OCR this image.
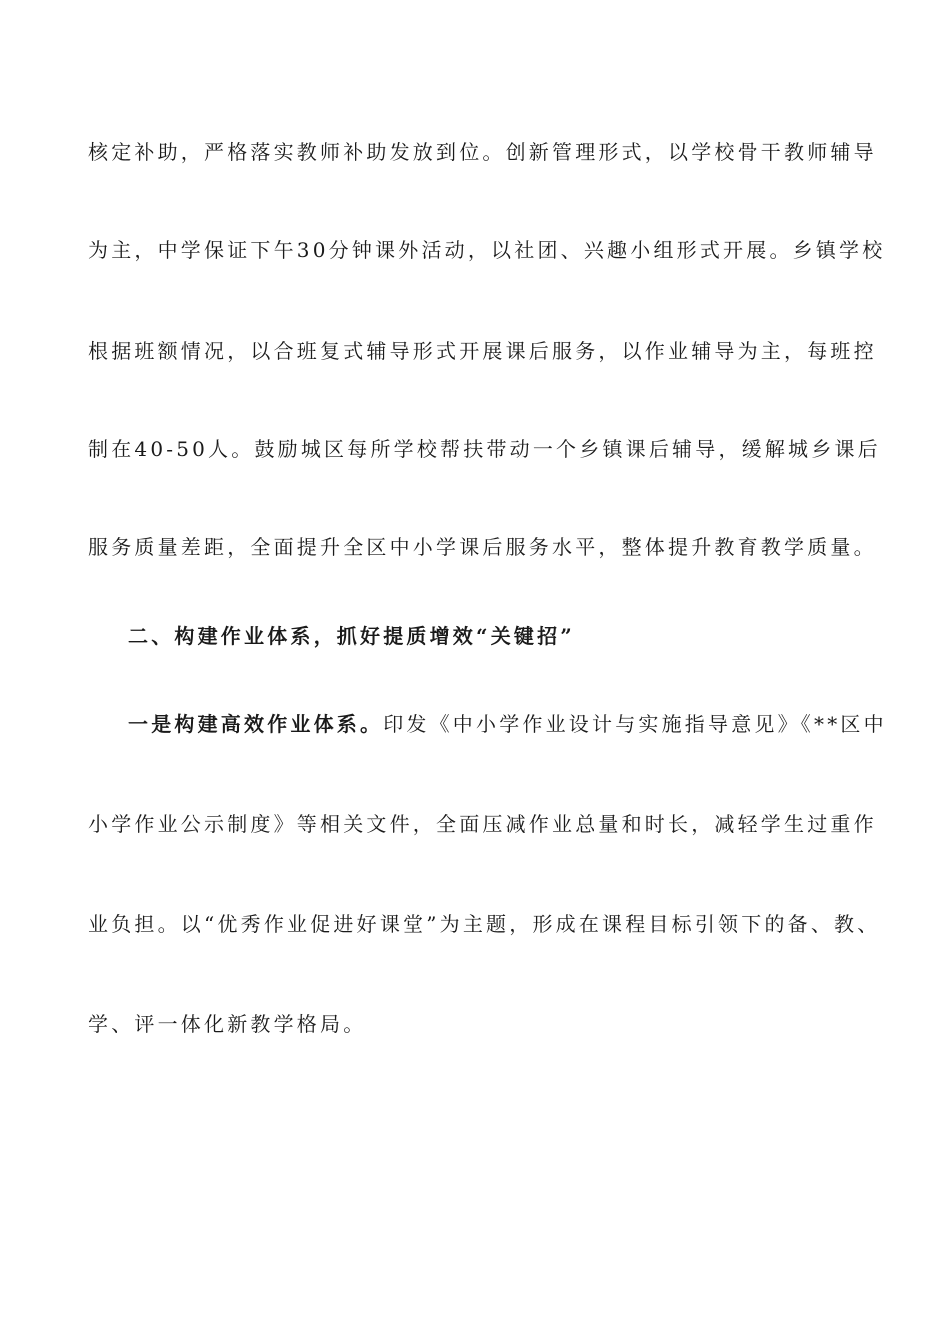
核定补助，严格落实教师补助发放到位。创新管理形式，以学校骨干教师辅导
为主，中学保证下午30分钟课外活动，以社团、兴趣小组形式开展。乡镇学校
根据班额情况，以合班复式辅导形式开展课后服务，以作业辅导为主，每班控
制在40-50人。鼓励城区每所学校帮扶带动一个乡镇课后辅导，缓解城乡课后
服务质量差距，全面提升全区中小学课后服务水平，整体提升教育教学质量。
二、构建作业体系，抓好提质增效“关键招”
一是构建高效作业体系。印发《中小学作业设计与实施指导意见》《**区中
小学作业公示制度》等相关文件，全面压减作业总量和时长，减轻学生过重作
业负担。以“优秀作业促进好课堂”为主题，形成在课程目标引领下的备、教、
学、评一体化新教学格局。
